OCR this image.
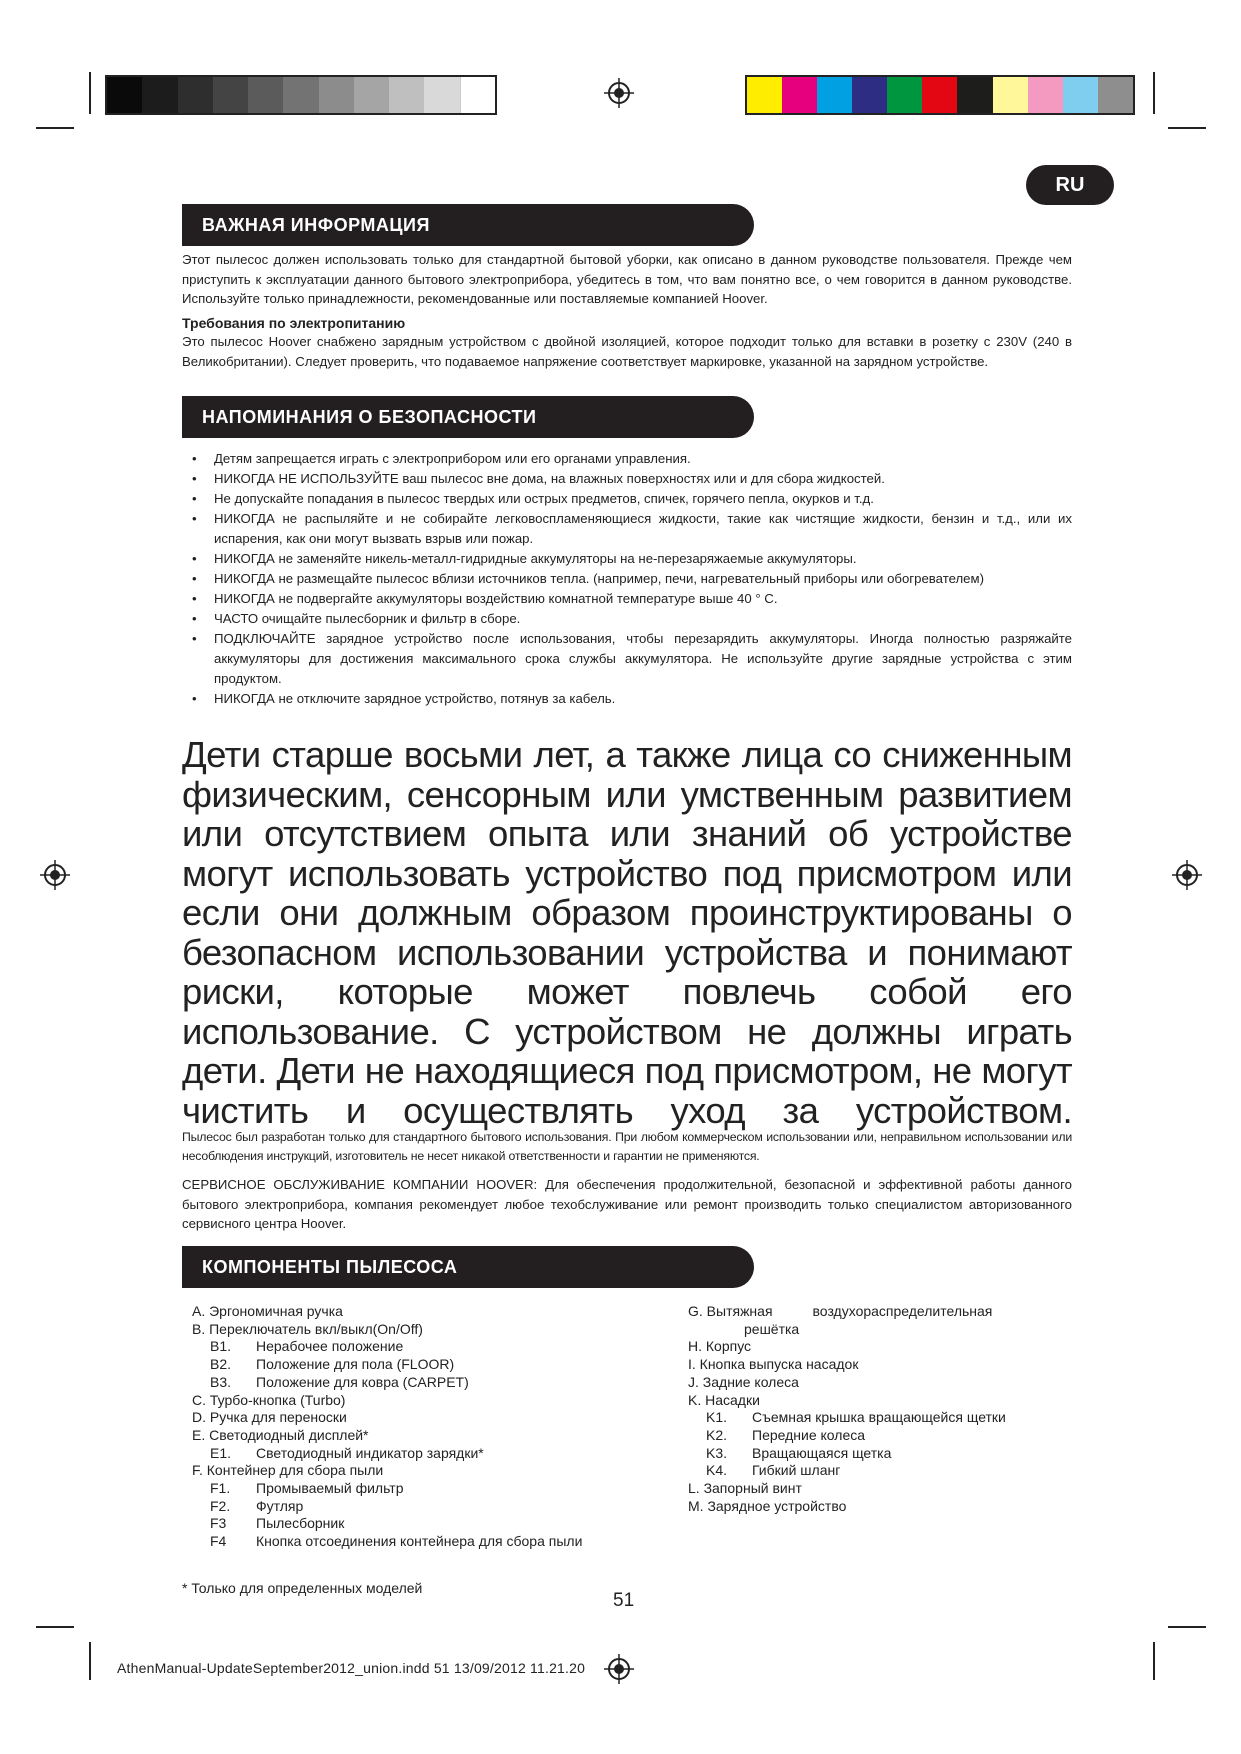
RU
ВАЖНАЯ ИНФОРМАЦИЯ
Этот пылесос должен использовать только для стандартной бытовой уборки, как описано в данном руководстве пользователя. Прежде чем приступить к эксплуатации данного бытового электроприбора, убедитесь в том, что вам понятно все, о чем говорится в данном руководстве. Используйте только принадлежности, рекомендованные или поставляемые компанией Hoover.
Требования по электропитанию
Это пылесос Hoover снабжено зарядным устройством с двойной изоляцией, которое подходит только для вставки в розетку с 230V (240 в Великобритании). Следует проверить, что подаваемое напряжение соответствует маркировке, указанной на зарядном устройстве.
НАПОМИНАНИЯ О БЕЗОПАСНОСТИ
• Детям запрещается играть с электроприбором или его органами управления.
• НИКОГДА НЕ ИСПОЛЬЗУЙТЕ ваш пылесос вне дома, на влажных поверхностях или и для сбора жидкостей.
• Не допускайте попадания в пылесос твердых или острых предметов, спичек, горячего пепла, окурков и т.д.
• НИКОГДА не распыляйте и не собирайте легковоспламеняющиеся жидкости, такие как чистящие жидкости, бензин и т.д., или их испарения, как они могут вызвать взрыв или пожар.
• НИКОГДА не заменяйте никель-металл-гидридные аккумуляторы на не-перезаряжаемые аккумуляторы.
• НИКОГДА не размещайте пылесос вблизи источников тепла. (например, печи, нагревательный приборы или обогревателем)
• НИКОГДА не подвергайте аккумуляторы воздействию комнатной температуре выше 40 ° C.
• ЧАСТО очищайте пылесборник и фильтр в сборе.
• ПОДКЛЮЧАЙТЕ зарядное устройство после использования, чтобы перезарядить аккумуляторы. Иногда полностью разряжайте аккумуляторы для достижения максимального срока службы аккумулятора. Не используйте другие зарядные устройства с этим продуктом.
• НИКОГДА не отключите зарядное устройство, потянув за кабель.
Дети старше восьми лет, а также лица со сниженным физическим, сенсорным или умственным развитием или отсутствием опыта или знаний об устройстве могут использовать устройство под присмотром или если они должным образом проинструктированы о безопасном использовании устройства и понимают риски, которые может повлечь собой его использование. С устройством не должны играть дети. Дети не находящиеся под присмотром, не могут чистить и осуществлять уход за устройством.
Пылесос был разработан только для стандартного бытового использования. При любом коммерческом использовании или, неправильном использовании или несоблюдения инструкций, изготовитель не несет никакой ответственности и гарантии не применяются.
СЕРВИСНОЕ ОБСЛУЖИВАНИЕ КОМПАНИИ HOOVER: Для обеспечения продолжительной, безопасной и эффективной работы данного бытового электроприбора, компания рекомендует любое техобслуживание или ремонт производить только специалистом авторизованного сервисного центра Hoover.
КОМПОНЕНТЫ ПЫЛЕСОСА
A. Эргономичная ручка
B. Переключатель вкл/выкл(On/Off)
B1. Нерабочее положение
B2. Положение для пола (FLOOR)
B3. Положение для ковра (CARPET)
C. Турбо-кнопка (Turbo)
D. Ручка для переноски
E. Светодиодный дисплей*
E1. Светодиодный индикатор зарядки*
F. Контейнер для сбора пыли
F1. Промываемый фильтр
F2. Футляр
F3 Пылесборник
F4 Кнопка отсоединения контейнера для сбора пыли
G. Вытяжная	воздухораспределительная
решётка
H. Корпус
I. Кнопка выпуска насадок
J. Задние колеса
K. Насадки
K1. Съемная крышка вращающейся щетки
K2. Передние колеса
K3. Вращающаяся щетка
K4. Гибкий шланг
L. Запорный винт
M. Зарядное устройство
* Только для определенных моделей
51
AthenManual-UpdateSeptember2012_union.indd 51 13/09/2012 11.21.20
